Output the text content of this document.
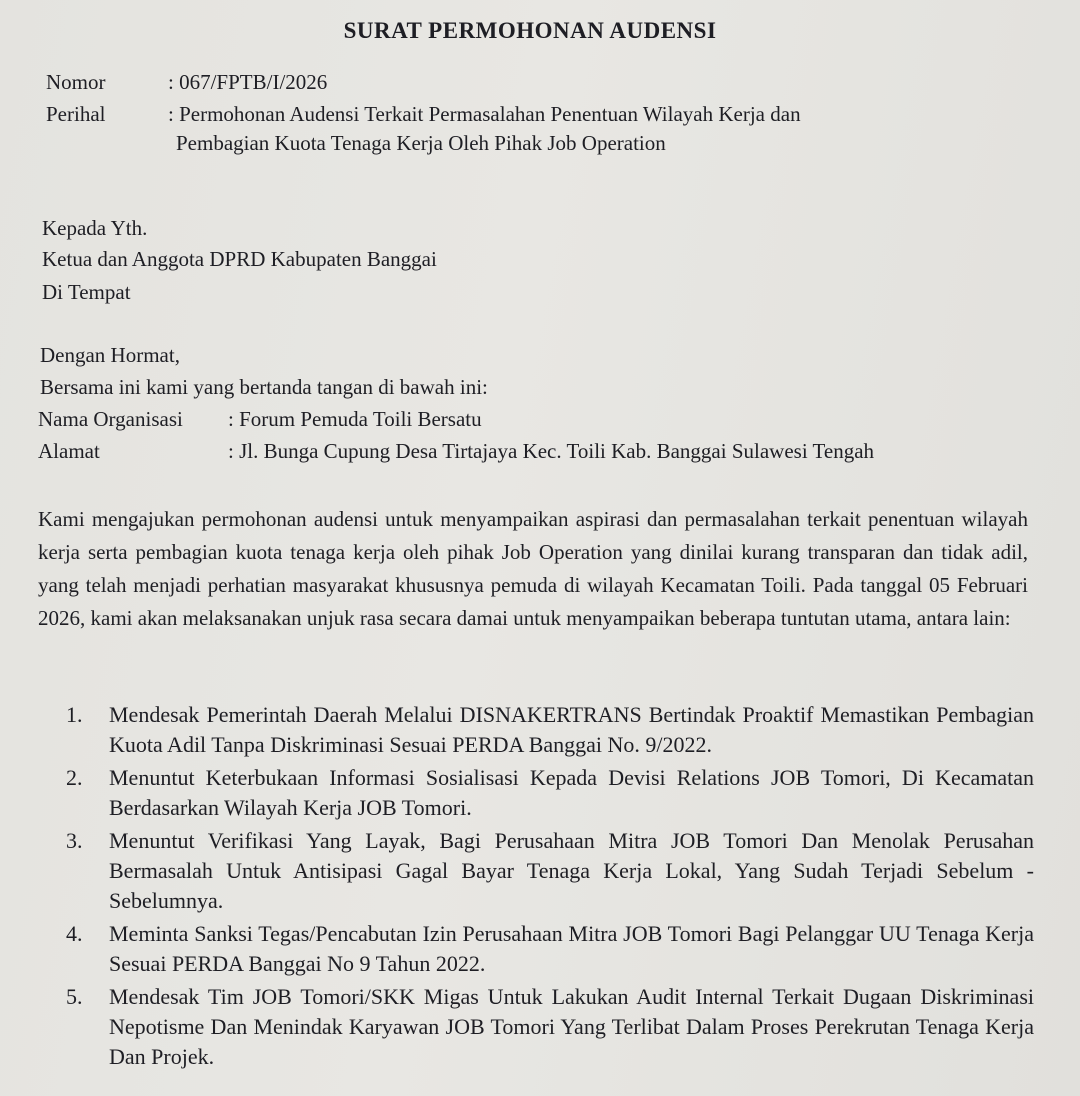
SURAT PERMOHONAN AUDENSI
Nomor	: 067/FPTB/I/2026
Perihal	: Permohonan Audensi Terkait Permasalahan Penentuan Wilayah Kerja dan
Pembagian Kuota Tenaga Kerja Oleh Pihak Job Operation
Kepada Yth.
Ketua dan Anggota DPRD Kabupaten Banggai
Di Tempat
Dengan Hormat,
Bersama ini kami yang bertanda tangan di bawah ini:
Nama Organisasi : Forum Pemuda Toili Bersatu
Alamat	: Jl. Bunga Cupung Desa Tirtajaya Kec. Toili Kab. Banggai Sulawesi Tengah
Kami mengajukan permohonan audensi untuk menyampaikan aspirasi dan permasalahan terkait penentuan wilayah kerja serta pembagian kuota tenaga kerja oleh pihak Job Operation yang dinilai kurang transparan dan tidak adil, yang telah menjadi perhatian masyarakat khususnya pemuda di wilayah Kecamatan Toili. Pada tanggal 05 Februari 2026, kami akan melaksanakan unjuk rasa secara damai untuk menyampaikan beberapa tuntutan utama, antara lain:
1. Mendesak Pemerintah Daerah Melalui DISNAKERTRANS Bertindak Proaktif Memastikan Pembagian Kuota Adil Tanpa Diskriminasi Sesuai PERDA Banggai No. 9/2022.
2. Menuntut Keterbukaan Informasi Sosialisasi Kepada Devisi Relations JOB Tomori, Di Kecamatan Berdasarkan Wilayah Kerja JOB Tomori.
3. Menuntut Verifikasi Yang Layak, Bagi Perusahaan Mitra JOB Tomori Dan Menolak Perusahan Bermasalah Untuk Antisipasi Gagal Bayar Tenaga Kerja Lokal, Yang Sudah Terjadi Sebelum - Sebelumnya.
4. Meminta Sanksi Tegas/Pencabutan Izin Perusahaan Mitra JOB Tomori Bagi Pelanggar UU Tenaga Kerja Sesuai PERDA Banggai No 9 Tahun 2022.
5. Mendesak Tim JOB Tomori/SKK Migas Untuk Lakukan Audit Internal Terkait Dugaan Diskriminasi Nepotisme Dan Menindak Karyawan JOB Tomori Yang Terlibat Dalam Proses Perekrutan Tenaga Kerja Dan Projek.
